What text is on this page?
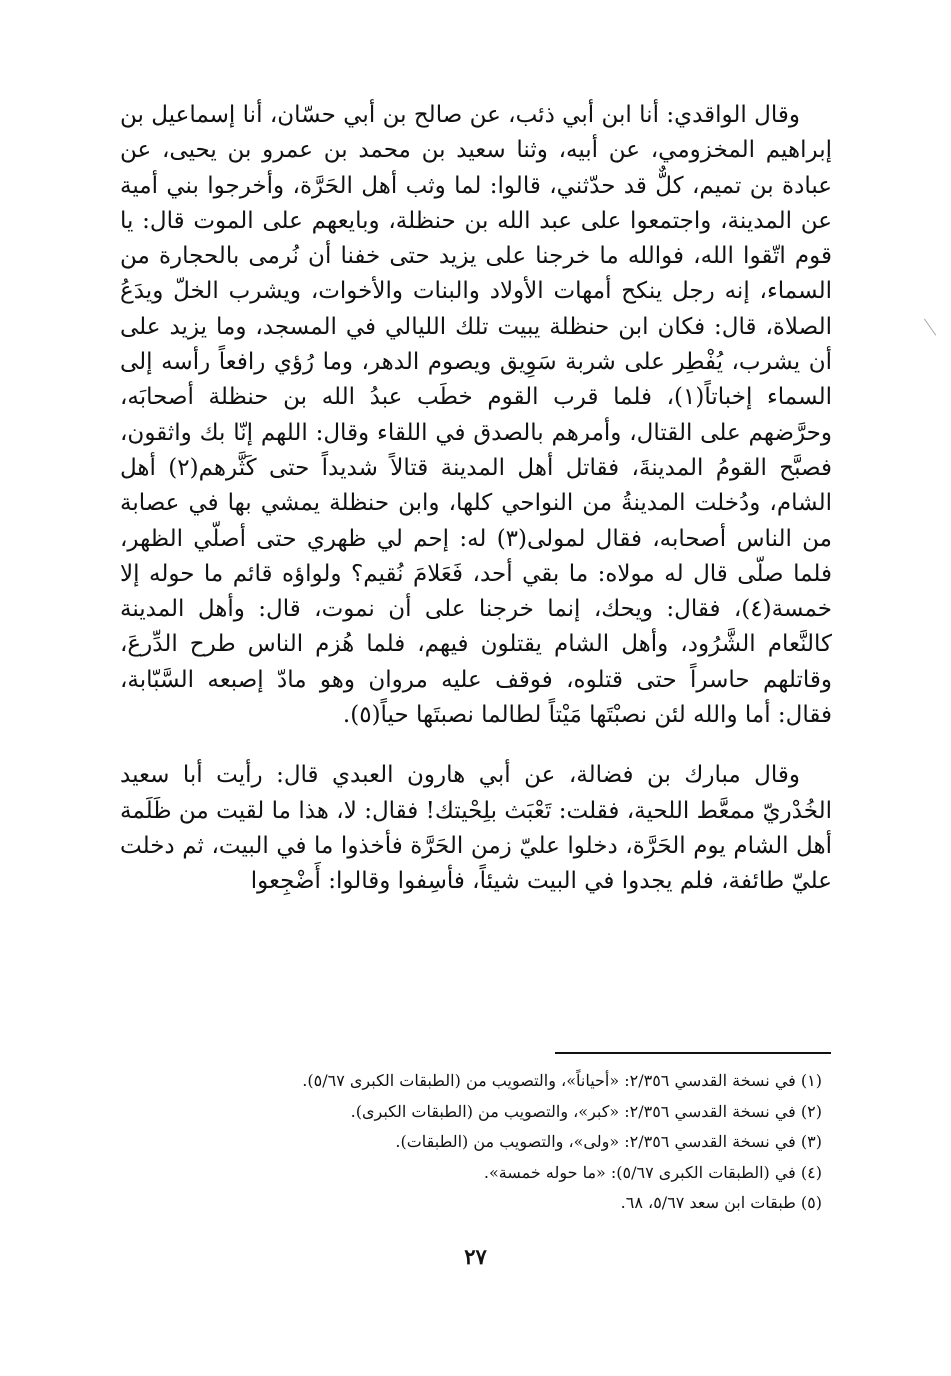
وقال الواقدي: أنا ابن أبي ذئب، عن صالح بن أبي حسّان، أنا إسماعيل بن إبراهيم المخزومي، عن أبيه، وثنا سعيد بن محمد بن عمرو بن يحيى، عن عبادة بن تميم، كلٌّ قد حدّثني، قالوا: لما وثب أهل الحَرَّة، وأخرجوا بني أمية عن المدينة، واجتمعوا على عبد الله بن حنظلة، وبايعهم على الموت قال: يا قوم اتّقوا الله، فوالله ما خرجنا على يزيد حتى خفنا أن نُرمى بالحجارة من السماء، إنه رجل ينكح أمهات الأولاد والبنات والأخوات، ويشرب الخلّ ويدَعُ الصلاة، قال: فكان ابن حنظلة يبيت تلك الليالي في المسجد، وما يزيد على أن يشرب، يُفْطِر على شربة سَوِيق ويصوم الدهر، وما رُؤي رافعاً رأسه إلى السماء إخباتاً(١)، فلما قرب القوم خطَب عبدُ الله بن حنظلة أصحابَه، وحرَّضهم على القتال، وأمرهم بالصدق في اللقاء وقال: اللهم إنّا بك واثقون، فصبَّح القومُ المدينةَ، فقاتل أهل المدينة قتالاً شديداً حتى كَثَّرهم(٢) أهل الشام، ودُخلت المدينةُ من النواحي كلها، وابن حنظلة يمشي بها في عصابة من الناس أصحابه، فقال لمولى(٣) له: إحم لي ظهري حتى أصلّي الظهر، فلما صلّى قال له مولاه: ما بقي أحد، فَعَلامَ نُقيم؟ ولواؤه قائم ما حوله إلا خمسة(٤)، فقال: ويحك، إنما خرجنا على أن نموت، قال: وأهل المدينة كالنَّعام الشَّرُود، وأهل الشام يقتلون فيهم، فلما هُزم الناس طرح الدِّرعَ، وقاتلهم حاسراً حتى قتلوه، فوقف عليه مروان وهو مادّ إصبعه السَّبّابة، فقال: أما والله لئن نصبْتَها مَيْتاً لطالما نصبتَها حياً(٥).

وقال مبارك بن فضالة، عن أبي هارون العبدي قال: رأيت أبا سعيد الخُدْريّ ممعَّط اللحية، فقلت: تَعْبَث بلِحْيتك! فقال: لا، هذا ما لقيت من ظَلَمة أهل الشام يوم الحَرَّة، دخلوا عليّ زمن الحَرَّة فأخذوا ما في البيت، ثم دخلت عليّ طائفة، فلم يجدوا في البيت شيئاً، فأسِفوا وقالوا: أَضْجِعوا

(١) في نسخة القدسي ٢/٣٥٦: «أحياناً»، والتصويب من (الطبقات الكبرى ٥/٦٧).
(٢) في نسخة القدسي ٢/٣٥٦: «كبر»، والتصويب من (الطبقات الكبرى).
(٣) في نسخة القدسي ٢/٣٥٦: «ولى»، والتصويب من (الطبقات).
(٤) في (الطبقات الكبرى ٥/٦٧): «ما حوله خمسة».
(٥) طبقات ابن سعد ٥/٦٧، ٦٨.
٢٧
